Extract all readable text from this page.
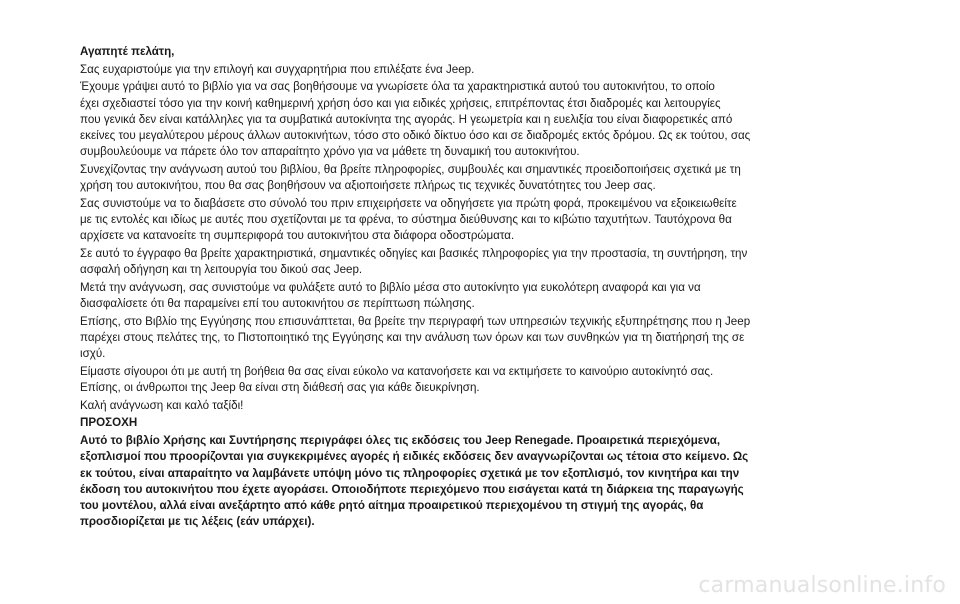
Αγαπητέ πελάτη,

Σας ευχαριστούμε για την επιλογή και συγχαρητήρια που επιλέξατε ένα Jeep.

Έχουμε γράψει αυτό το βιβλίο για να σας βοηθήσουμε να γνωρίσετε όλα τα χαρακτηριστικά αυτού του αυτοκινήτου, το οποίο
έχει σχεδιαστεί τόσο για την κοινή καθημερινή χρήση όσο και για ειδικές χρήσεις, επιτρέποντας έτσι διαδρομές και λειτουργίες
που γενικά δεν είναι κατάλληλες για τα συμβατικά αυτοκίνητα της αγοράς. Η γεωμετρία και η ευελιξία του είναι διαφορετικές από
εκείνες του μεγαλύτερου μέρους άλλων αυτοκινήτων, τόσο στο οδικό δίκτυο όσο και σε διαδρομές εκτός δρόμου. Ως εκ τούτου, σας
συμβουλεύουμε να πάρετε όλο τον απαραίτητο χρόνο για να μάθετε τη δυναμική του αυτοκινήτου.

Συνεχίζοντας την ανάγνωση αυτού του βιβλίου, θα βρείτε πληροφορίες, συμβουλές και σημαντικές προειδοποιήσεις σχετικά με τη
χρήση του αυτοκινήτου, που θα σας βοηθήσουν να αξιοποιήσετε πλήρως τις τεχνικές δυνατότητες του Jeep σας.

Σας συνιστούμε να το διαβάσετε στο σύνολό του πριν επιχειρήσετε να οδηγήσετε για πρώτη φορά, προκειμένου να εξοικειωθείτε
με τις εντολές και ιδίως με αυτές που σχετίζονται με τα φρένα, το σύστημα διεύθυνσης και το κιβώτιο ταχυτήτων. Ταυτόχρονα θα
αρχίσετε να κατανοείτε τη συμπεριφορά του αυτοκινήτου στα διάφορα οδοστρώματα.

Σε αυτό το έγγραφο θα βρείτε χαρακτηριστικά, σημαντικές οδηγίες και βασικές πληροφορίες για την προστασία, τη συντήρηση, την
ασφαλή οδήγηση και τη λειτουργία του δικού σας Jeep.

Μετά την ανάγνωση, σας συνιστούμε να φυλάξετε αυτό το βιβλίο μέσα στο αυτοκίνητο για ευκολότερη αναφορά και για να
διασφαλίσετε ότι θα παραμείνει επί του αυτοκινήτου σε περίπτωση πώλησης.

Επίσης, στο Βιβλίο της Εγγύησης που επισυνάπτεται, θα βρείτε την περιγραφή των υπηρεσιών τεχνικής εξυπηρέτησης που η Jeep
παρέχει στους πελάτες της, το Πιστοποιητικό της Εγγύησης και την ανάλυση των όρων και των συνθηκών για τη διατήρησή της σε
ισχύ.

Είμαστε σίγουροι ότι με αυτή τη βοήθεια θα σας είναι εύκολο να κατανοήσετε και να εκτιμήσετε το καινούριο αυτοκίνητό σας.
Επίσης, οι άνθρωποι της Jeep θα είναι στη διάθεσή σας για κάθε διευκρίνηση.

Καλή ανάγνωση και καλό ταξίδι!

ΠΡΟΣΟΧΗ

Αυτό το βιβλίο Χρήσης και Συντήρησης περιγράφει όλες τις εκδόσεις του Jeep Renegade. Προαιρετικά περιεχόμενα,
εξοπλισμοί που προορίζονται για συγκεκριμένες αγορές ή ειδικές εκδόσεις δεν αναγνωρίζονται ως τέτοια στο κείμενο. Ως
εκ τούτου, είναι απαραίτητο να λαμβάνετε υπόψη μόνο τις πληροφορίες σχετικά με τον εξοπλισμό, τον κινητήρα και την
έκδοση του αυτοκινήτου που έχετε αγοράσει. Οποιοδήποτε περιεχόμενο που εισάγεται κατά τη διάρκεια της παραγωγής
του μοντέλου, αλλά είναι ανεξάρτητο από κάθε ρητό αίτημα προαιρετικού περιεχομένου τη στιγμή της αγοράς, θα
προσδιορίζεται με τις λέξεις (εάν υπάρχει).

carmanualsonline.info
